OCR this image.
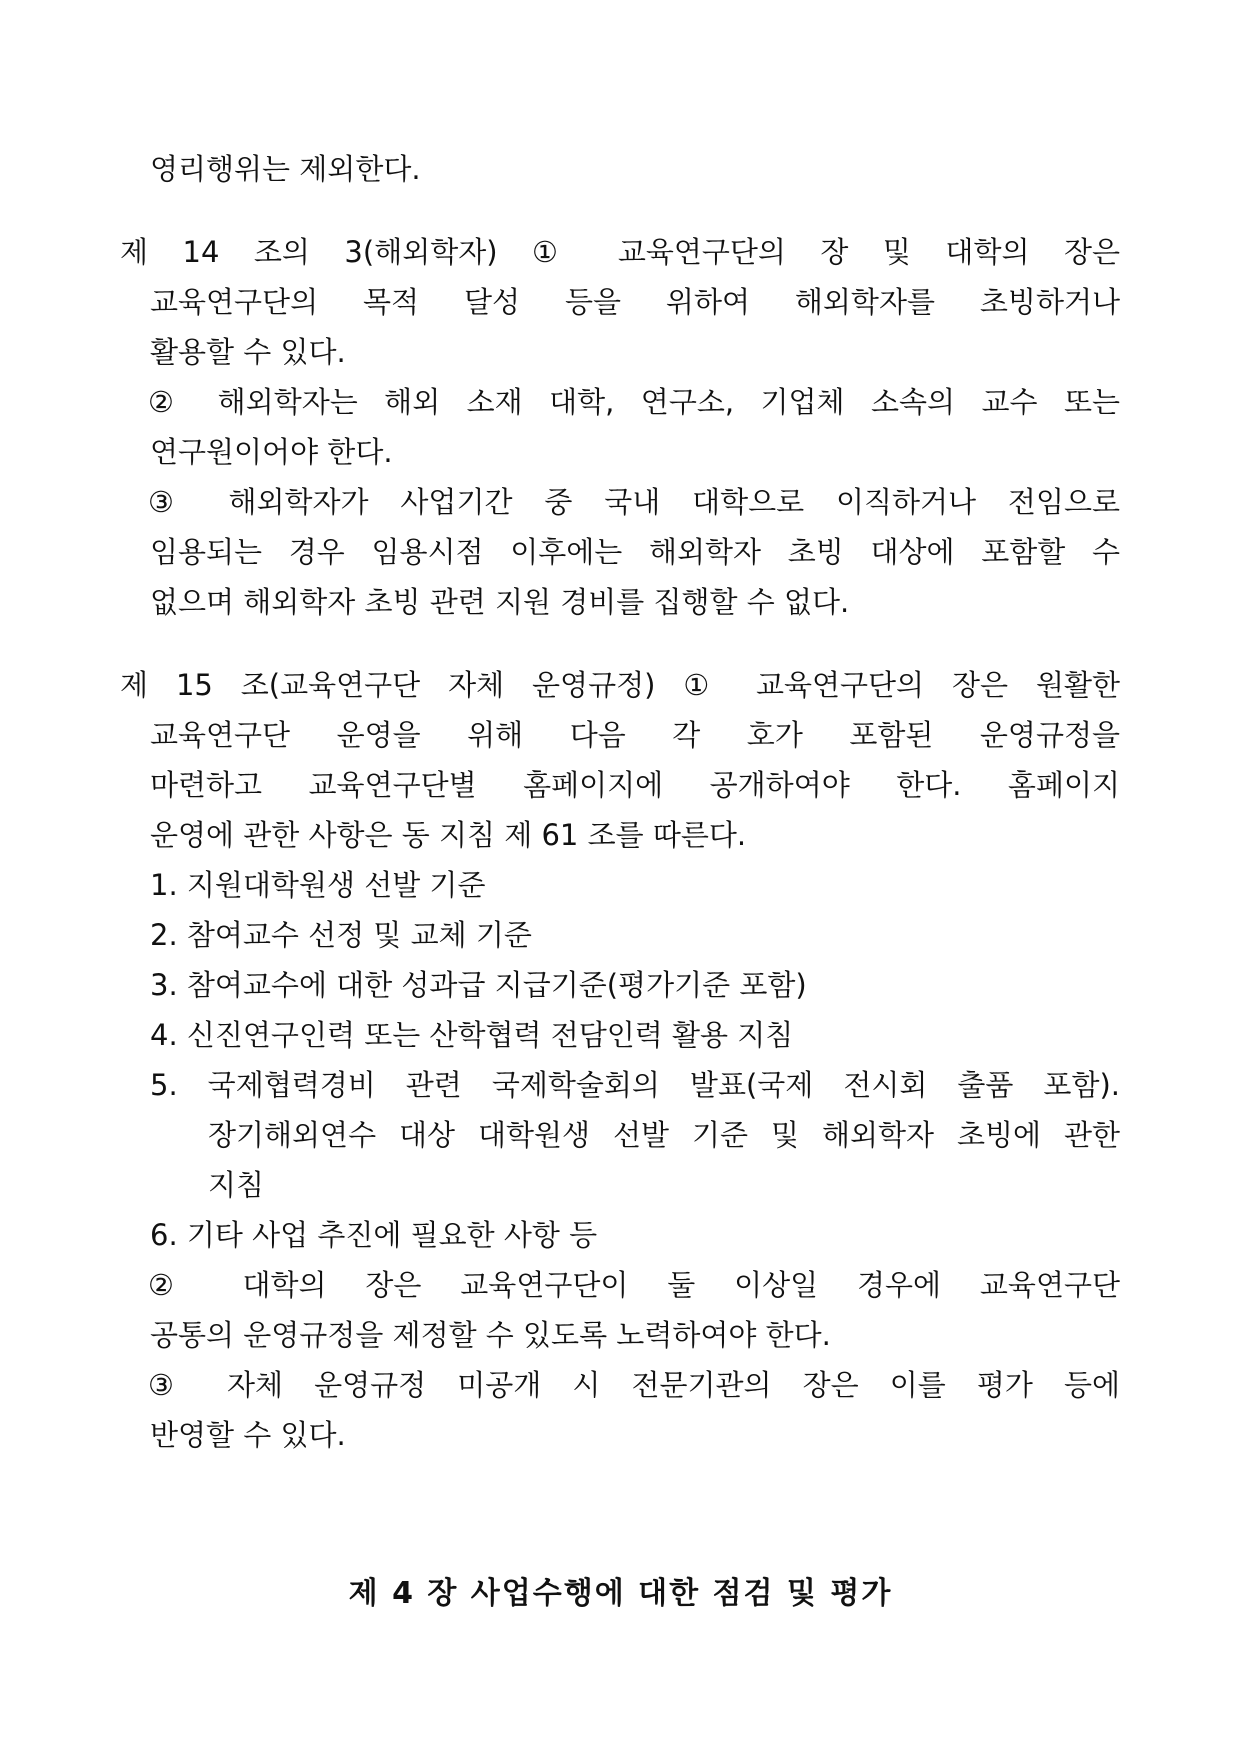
영리행위는 제외한다.

제 14 조의 3(해외학자) ① 교육연구단의 장 및 대학의 장은

교육연구단의 목적 달성 등을 위하여 해외학자를 초빙하거나

활용할 수 있다.

② 해외학자는 해외 소재 대학, 연구소, 기업체 소속의 교수 또는

연구원이어야 한다.

③ 해외학자가 사업기간 중 국내 대학으로 이직하거나 전임으로

임용되는 경우 임용시점 이후에는 해외학자 초빙 대상에 포함할 수

없으며 해외학자 초빙 관련 지원 경비를 집행할 수 없다.

제 15 조(교육연구단 자체 운영규정) ① 교육연구단의 장은 원활한

교육연구단 운영을 위해 다음 각 호가 포함된 운영규정을

마련하고 교육연구단별 홈페이지에 공개하여야 한다. 홈페이지

운영에 관한 사항은 동 지침 제 61 조를 따른다.

1. 지원대학원생 선발 기준

2. 참여교수 선정 및 교체 기준

3. 참여교수에 대한 성과급 지급기준(평가기준 포함)

4. 신진연구인력 또는 산학협력 전담인력 활용 지침

5. 국제협력경비 관련 국제학술회의 발표(국제 전시회 출품 포함).

장기해외연수 대상 대학원생 선발 기준 및 해외학자 초빙에 관한

지침

6. 기타 사업 추진에 필요한 사항 등

② 대학의 장은 교육연구단이 둘 이상일 경우에 교육연구단

공통의 운영규정을 제정할 수 있도록 노력하여야 한다.

③ 자체 운영규정 미공개 시 전문기관의 장은 이를 평가 등에

반영할 수 있다.

제 4 장 사업수행에 대한 점검 및 평가
